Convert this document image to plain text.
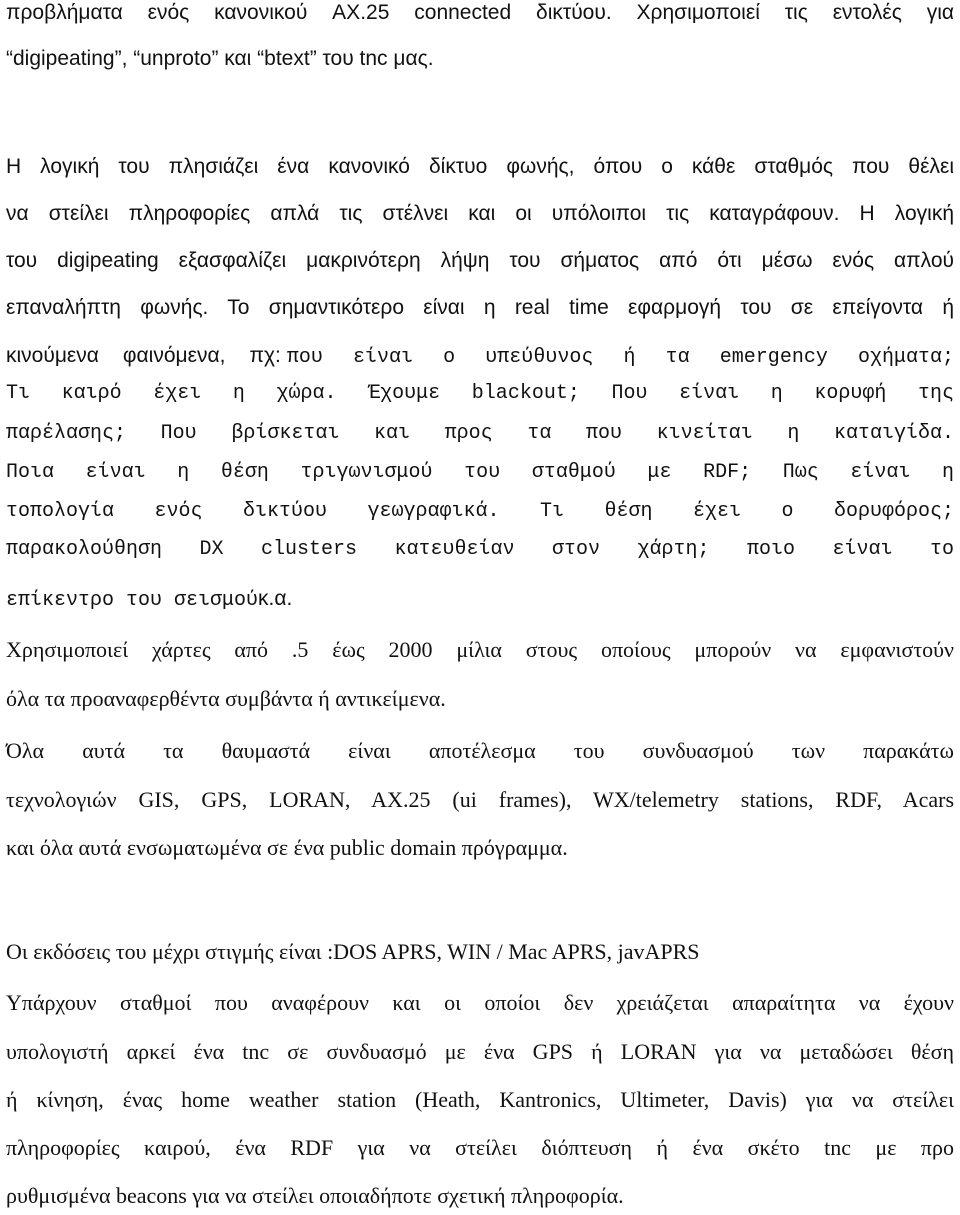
προβλήματα ενός κανονικού AX.25 connected δικτύου. Χρησιμοποιεί τις εντολές για
“digipeating”, “unproto” και “btext” του tnc μας.
Η λογική του πλησιάζει ένα κανονικό δίκτυο φωνής, όπου ο κάθε σταθμός που θέλει
να στείλει πληροφορίες απλά τις στέλνει και οι υπόλοιποι τις καταγράφουν. Η λογική
του digipeating εξασφαλίζει μακρινότερη λήψη του σήματος από ότι μέσω ενός απλού
επαναλήπτη φωνής. Το σημαντικότερο είναι η real time εφαρμογή του σε επείγοντα ή
κινούμενα φαινόμενα, πχ: που είναι ο υπεύθυνος ή τα emergency οχήματα;
Τι καιρό έχει η χώρα. Έχουμε blackout; Που είναι η κορυφή της
παρέλασης; Που βρίσκεται και προς τα που κινείται η καταιγίδα.
Ποια είναι η θέση τριγωνισμού του σταθμού με RDF; Πως είναι η
τοπολογία ενός δικτύου γεωγραφικά. Τι θέση έχει ο δορυφόρος;
παρακολούθηση DX clusters κατευθείαν στον χάρτη; ποιο είναι το
επίκεντρο του σεισμούκ.α.
Χρησιμοποιεί χάρτες από .5 έως 2000 μίλια στους οποίους μπορούν να εμφανιστούν
όλα τα προαναφερθέντα συμβάντα ή αντικείμενα.
Όλα αυτά τα θαυμαστά είναι αποτέλεσμα του συνδυασμού των παρακάτω
τεχνολογιών GIS, GPS, LORAN, AX.25 (ui frames), WX/telemetry stations, RDF, Acars
και όλα αυτά ενσωματωμένα σε ένα public domain πρόγραμμα.
Οι εκδόσεις του μέχρι στιγμής είναι :DOS APRS, WIN / Mac APRS, javAPRS
Υπάρχουν σταθμοί που αναφέρουν και οι οποίοι δεν χρειάζεται απαραίτητα να έχουν
υπολογιστή αρκεί ένα tnc σε συνδυασμό με ένα GPS ή LORAN για να μεταδώσει θέση
ή κίνηση, ένας home weather station (Heath, Kantronics, Ultimeter, Davis) για να στείλει
πληροφορίες καιρού, ένα RDF για να στείλει διόπτευση ή ένα σκέτο tnc με προ
ρυθμισμένα beacons για να στείλει οποιαδήποτε σχετική πληροφορία.
